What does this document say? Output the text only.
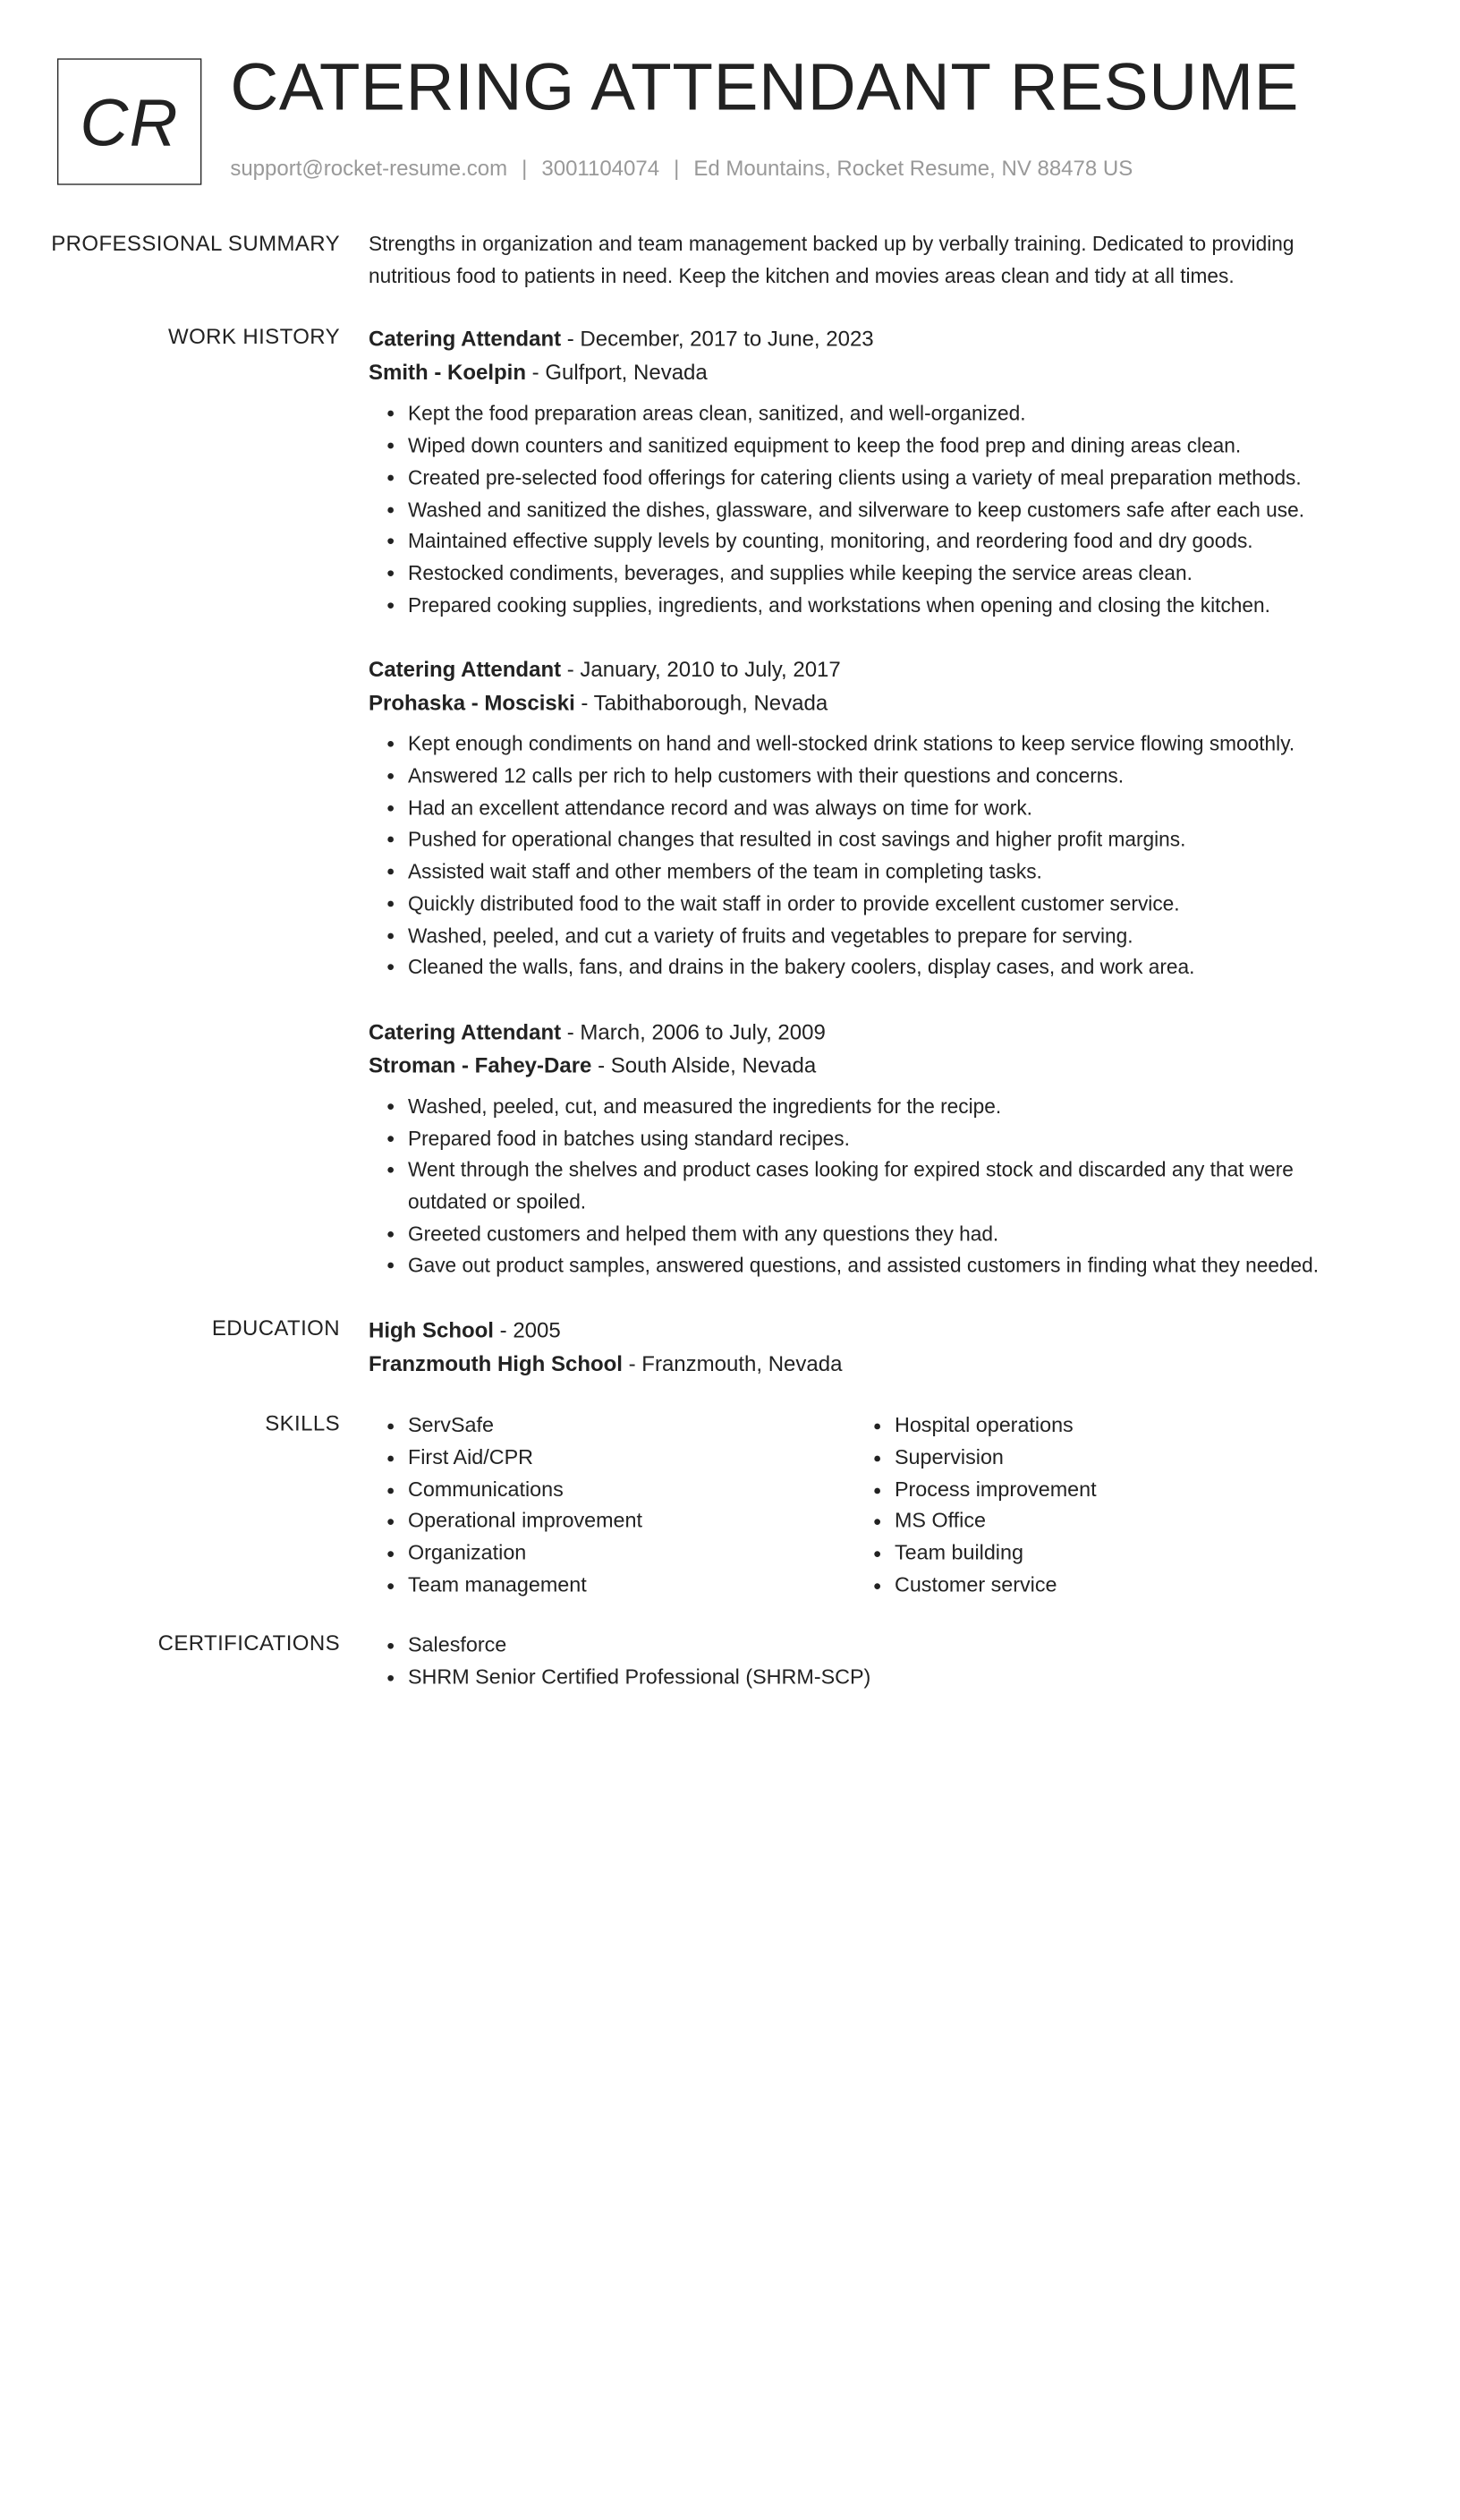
CR	CATERING ATTENDANT RESUME
support@rocket-resume.com | 3001104074 | Ed Mountains, Rocket Resume, NV 88478 US
PROFESSIONAL SUMMARY	Strengths in organization and team management backed up by verbally training. Dedicated to providing nutritious food to patients in need. Keep the kitchen and movies areas clean and tidy at all times.

WORK HISTORY	Catering Attendant - December, 2017 to June, 2023
Smith - Koelpin - Gulfport, Nevada
• Kept the food preparation areas clean, sanitized, and well-organized.
• Wiped down counters and sanitized equipment to keep the food prep and dining areas clean.
• Created pre-selected food offerings for catering clients using a variety of meal preparation methods.
• Washed and sanitized the dishes, glassware, and silverware to keep customers safe after each use.
• Maintained effective supply levels by counting, monitoring, and reordering food and dry goods.
• Restocked condiments, beverages, and supplies while keeping the service areas clean.
• Prepared cooking supplies, ingredients, and workstations when opening and closing the kitchen.
Catering Attendant - January, 2010 to July, 2017
Prohaska - Mosciski - Tabithaborough, Nevada
• Kept enough condiments on hand and well-stocked drink stations to keep service flowing smoothly.
• Answered 12 calls per rich to help customers with their questions and concerns.
• Had an excellent attendance record and was always on time for work.
• Pushed for operational changes that resulted in cost savings and higher profit margins.
• Assisted wait staff and other members of the team in completing tasks.
• Quickly distributed food to the wait staff in order to provide excellent customer service.
• Washed, peeled, and cut a variety of fruits and vegetables to prepare for serving.
• Cleaned the walls, fans, and drains in the bakery coolers, display cases, and work area.
Catering Attendant - March, 2006 to July, 2009
Stroman - Fahey-Dare - South Alside, Nevada
• Washed, peeled, cut, and measured the ingredients for the recipe.
• Prepared food in batches using standard recipes.
• Went through the shelves and product cases looking for expired stock and discarded any that were outdated or spoiled.
• Greeted customers and helped them with any questions they had.
• Gave out product samples, answered questions, and assisted customers in finding what they needed.
EDUCATION	High School - 2005
Franzmouth High School - Franzmouth, Nevada
SKILLS	• ServSafe
• First Aid/CPR
• Communications
• Operational improvement
• Organization
• Team management
• Hospital operations
• Supervision
• Process improvement
• MS Office
• Team building
• Customer service
CERTIFICATIONS	• Salesforce
• SHRM Senior Certified Professional (SHRM-SCP)
